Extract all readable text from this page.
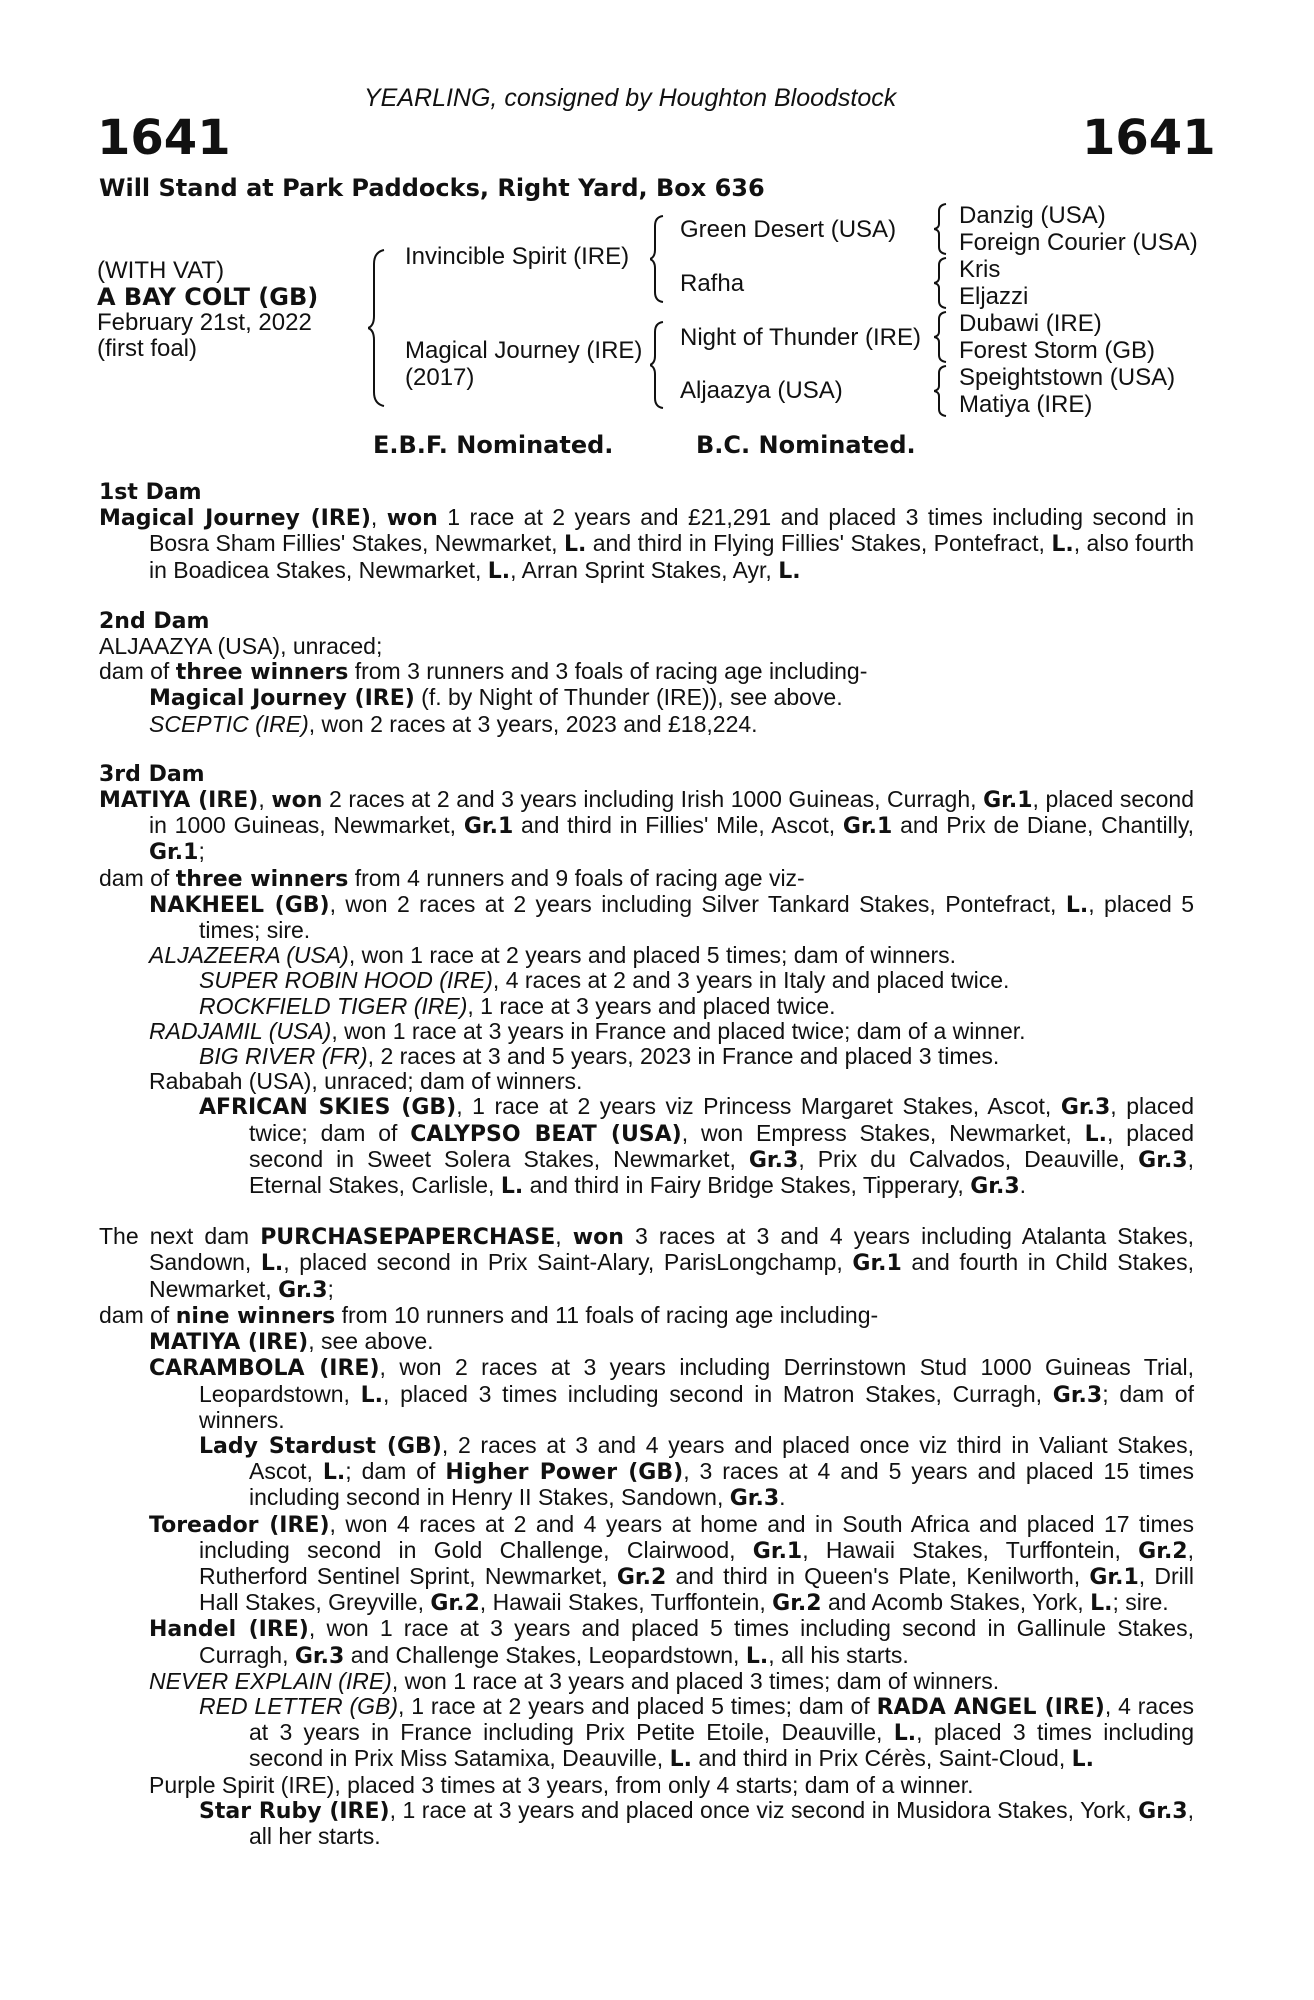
YEARLING, consigned by Houghton Bloodstock
1641	1641
Will Stand at Park Paddocks, Right Yard, Box 636
(WITH VAT)
A BAY COLT (GB)
February 21st, 2022
(first foal)
Invincible Spirit (IRE)
Magical Journey (IRE)
(2017)
Green Desert (USA)
Rafha
Night of Thunder (IRE)
Aljaazya (USA)
Danzig (USA)
Foreign Courier (USA)
Kris
Eljazzi
Dubawi (IRE)
Forest Storm (GB)
Speightstown (USA)
Matiya (IRE)
E.B.F. Nominated.	B.C. Nominated.

1st Dam

Magical Journey (IRE), won 1 race at 2 years and £21,291 and placed 3 times including second in Bosra Sham Fillies' Stakes, Newmarket, L. and third in Flying Fillies' Stakes, Pontefract, L., also fourth in Boadicea Stakes, Newmarket, L., Arran Sprint Stakes, Ayr, L.

2nd Dam

ALJAAZYA (USA), unraced;

dam of three winners from 3 runners and 3 foals of racing age including-

Magical Journey (IRE) (f. by Night of Thunder (IRE)), see above.

SCEPTIC (IRE), won 2 races at 3 years, 2023 and £18,224.

3rd Dam

MATIYA (IRE), won 2 races at 2 and 3 years including Irish 1000 Guineas, Curragh, Gr.1, placed second in 1000 Guineas, Newmarket, Gr.1 and third in Fillies' Mile, Ascot, Gr.1 and Prix de Diane, Chantilly, Gr.1;

dam of three winners from 4 runners and 9 foals of racing age viz-

NAKHEEL (GB), won 2 races at 2 years including Silver Tankard Stakes, Pontefract, L., placed 5 times; sire.

ALJAZEERA (USA), won 1 race at 2 years and placed 5 times; dam of winners.

SUPER ROBIN HOOD (IRE), 4 races at 2 and 3 years in Italy and placed twice.

ROCKFIELD TIGER (IRE), 1 race at 3 years and placed twice.

RADJAMIL (USA), won 1 race at 3 years in France and placed twice; dam of a winner.

BIG RIVER (FR), 2 races at 3 and 5 years, 2023 in France and placed 3 times.

Rababah (USA), unraced; dam of winners.

AFRICAN SKIES (GB), 1 race at 2 years viz Princess Margaret Stakes, Ascot, Gr.3, placed twice; dam of CALYPSO BEAT (USA), won Empress Stakes, Newmarket, L., placed second in Sweet Solera Stakes, Newmarket, Gr.3, Prix du Calvados, Deauville, Gr.3, Eternal Stakes, Carlisle, L. and third in Fairy Bridge Stakes, Tipperary, Gr.3.

The next dam PURCHASEPAPERCHASE, won 3 races at 3 and 4 years including Atalanta Stakes, Sandown, L., placed second in Prix Saint-Alary, ParisLongchamp, Gr.1 and fourth in Child Stakes, Newmarket, Gr.3;

dam of nine winners from 10 runners and 11 foals of racing age including-

MATIYA (IRE), see above.

CARAMBOLA (IRE), won 2 races at 3 years including Derrinstown Stud 1000 Guineas Trial, Leopardstown, L., placed 3 times including second in Matron Stakes, Curragh, Gr.3; dam of winners.

Lady Stardust (GB), 2 races at 3 and 4 years and placed once viz third in Valiant Stakes, Ascot, L.; dam of Higher Power (GB), 3 races at 4 and 5 years and placed 15 times including second in Henry II Stakes, Sandown, Gr.3.

Toreador (IRE), won 4 races at 2 and 4 years at home and in South Africa and placed 17 times including second in Gold Challenge, Clairwood, Gr.1, Hawaii Stakes, Turffontein, Gr.2, Rutherford Sentinel Sprint, Newmarket, Gr.2 and third in Queen's Plate, Kenilworth, Gr.1, Drill Hall Stakes, Greyville, Gr.2, Hawaii Stakes, Turffontein, Gr.2 and Acomb Stakes, York, L.; sire.

Handel (IRE), won 1 race at 3 years and placed 5 times including second in Gallinule Stakes, Curragh, Gr.3 and Challenge Stakes, Leopardstown, L., all his starts.

NEVER EXPLAIN (IRE), won 1 race at 3 years and placed 3 times; dam of winners.

RED LETTER (GB), 1 race at 2 years and placed 5 times; dam of RADA ANGEL (IRE), 4 races at 3 years in France including Prix Petite Etoile, Deauville, L., placed 3 times including second in Prix Miss Satamixa, Deauville, L. and third in Prix Cérès, Saint-Cloud, L.

Purple Spirit (IRE), placed 3 times at 3 years, from only 4 starts; dam of a winner.

Star Ruby (IRE), 1 race at 3 years and placed once viz second in Musidora Stakes, York, Gr.3, all her starts.
